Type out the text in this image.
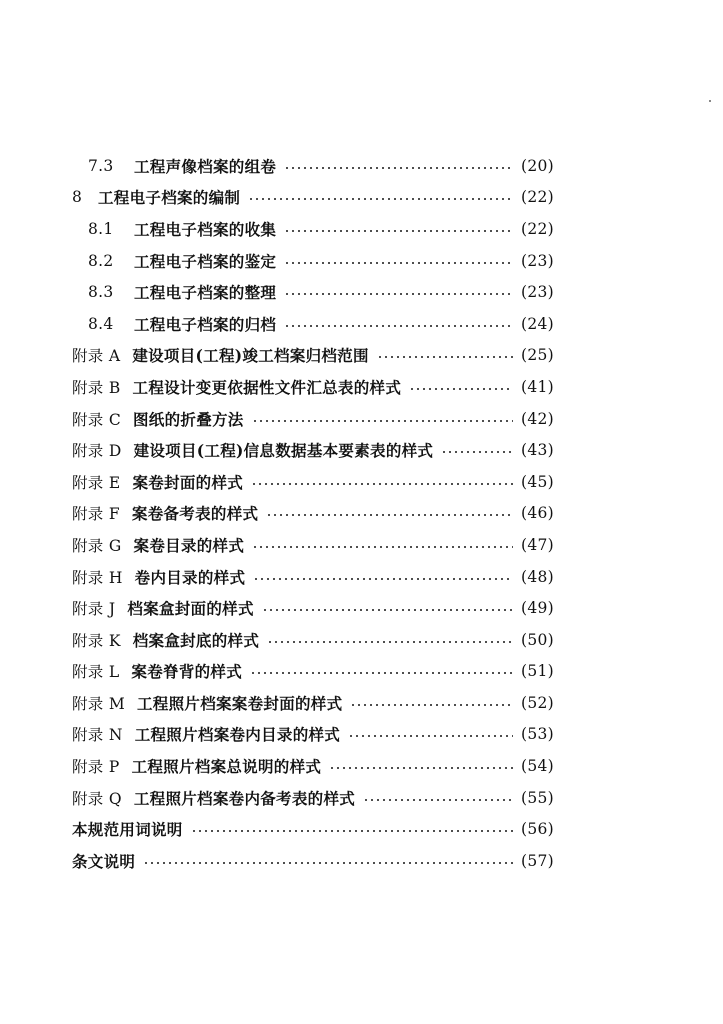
7.3	工程声像档案的组卷	(20)
8	工程电子档案的编制	(22)
8.1	工程电子档案的收集	(22)
8.2	工程电子档案的鉴定	(23)
8.3	工程电子档案的整理	(23)
8.4	工程电子档案的归档	(24)
附录 A 建设项目(工程)竣工档案归档范围	(25)
附录 B 工程设计变更依据性文件汇总表的样式	(41)
附录 C 图纸的折叠方法	(42)
附录 D 建设项目(工程)信息数据基本要素表的样式	(43)
附录 E 案卷封面的样式	(45)
附录 F 案卷备考表的样式	(46)
附录 G 案卷目录的样式	(47)
附录 H 卷内目录的样式	(48)
附录 J 档案盒封面的样式	(49)
附录 K 档案盒封底的样式	(50)
附录 L 案卷脊背的样式	(51)
附录 M 工程照片档案案卷封面的样式	(52)
附录 N 工程照片档案卷内目录的样式	(53)
附录 P 工程照片档案总说明的样式	(54)
附录 Q 工程照片档案卷内备考表的样式	(55)
本规范用词说明	(56)
条文说明	(57)
